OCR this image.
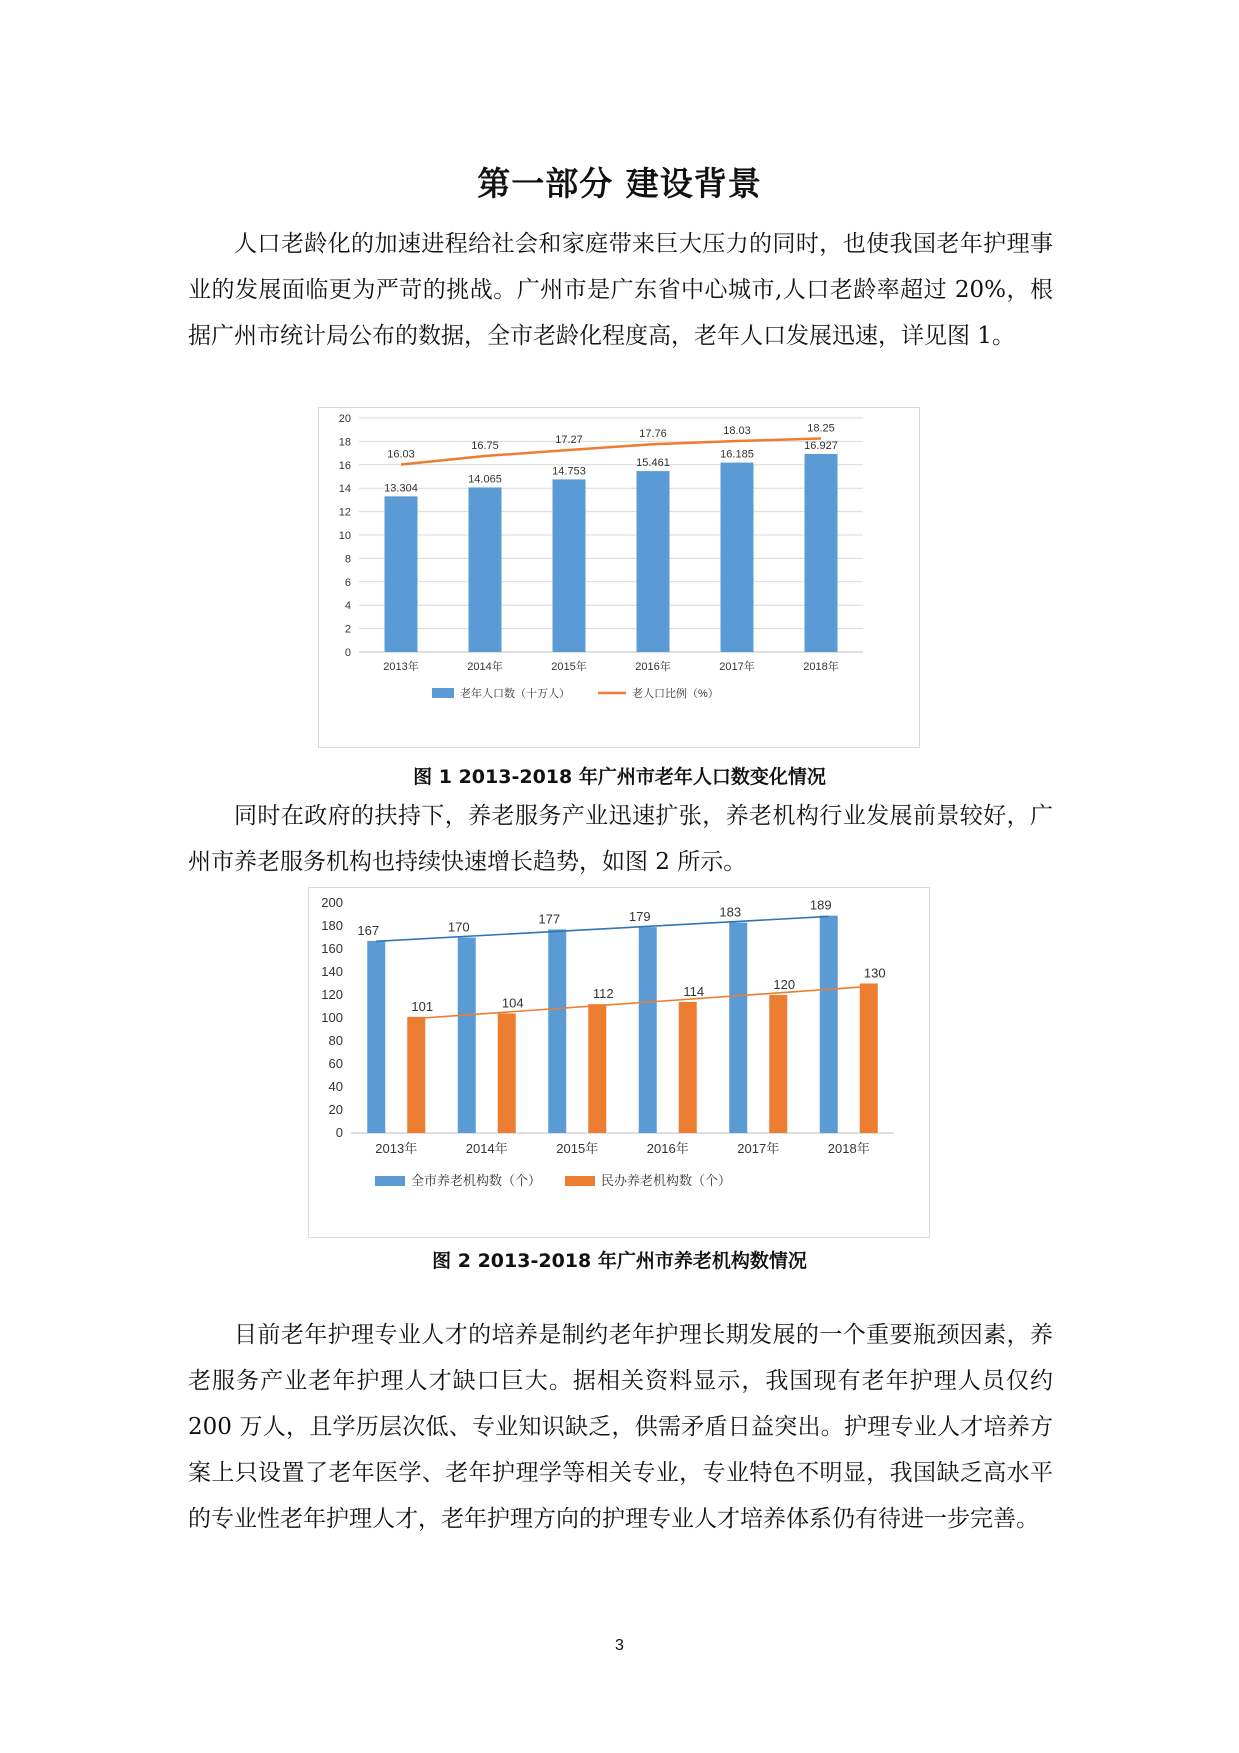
第一部分 建设背景

人口老龄化的加速进程给社会和家庭带来巨大压力的同时，也使我国老年护理事业的发展面临更为严苛的挑战。广州市是广东省中心城市,人口老龄率超过 20%，根据广州市统计局公布的数据，全市老龄化程度高，老年人口发展迅速，详见图 1。

0
2
4
6
8
10
12
14
16
18
20
2013年	2014年	2015年	2016年	2017年	2018年
13.304
14.065
14.753
15.461
16.185
16.927
16.03
16.75
17.27	17.76	18.03	18.25
老年人口数（十万人）	老人口比例（%）

图 1 2013-2018 年广州市老年人口数变化情况

同时在政府的扶持下，养老服务产业迅速扩张，养老机构行业发展前景较好，广州市养老服务机构也持续快速增长趋势，如图 2 所示。

0
20
40
60
80
100
120
140
160
180
200
2013年	2014年	2015年	2016年	2017年	2018年
167	170
177	179	183	189
101	104
112	114	120
130
全市养老机构数（个）	民办养老机构数（个）

图 2 2013-2018 年广州市养老机构数情况

目前老年护理专业人才的培养是制约老年护理长期发展的一个重要瓶颈因素，养老服务产业老年护理人才缺口巨大。据相关资料显示，我国现有老年护理人员仅约 200 万人，且学历层次低、专业知识缺乏，供需矛盾日益突出。护理专业人才培养方案上只设置了老年医学、老年护理学等相关专业，专业特色不明显，我国缺乏高水平的专业性老年护理人才，老年护理方向的护理专业人才培养体系仍有待进一步完善。

3
